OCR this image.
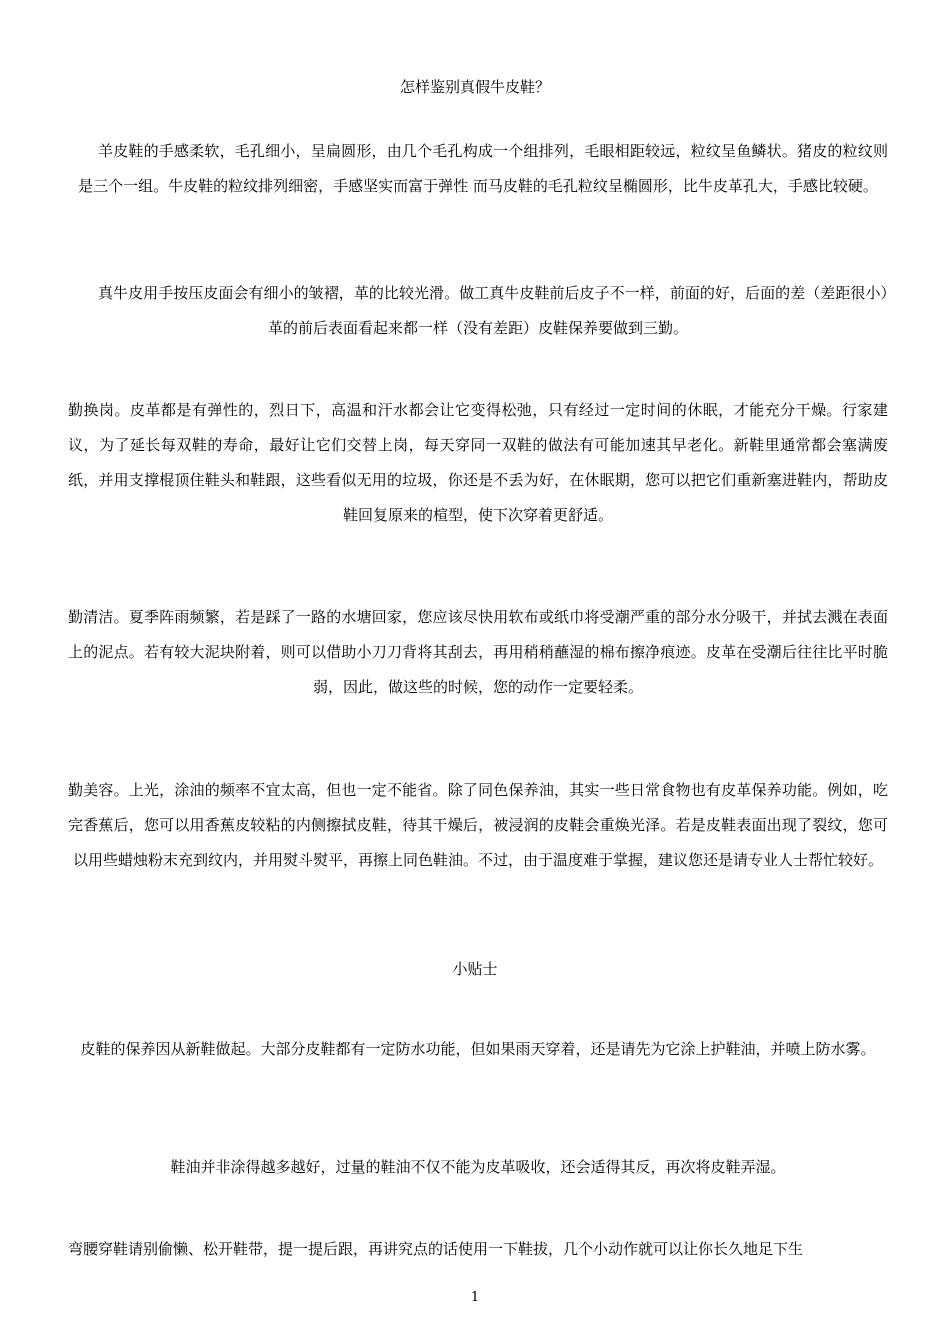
怎样鉴别真假牛皮鞋？

羊皮鞋的手感柔软，毛孔细小，呈扁圆形，由几个毛孔构成一个组排列，毛眼相距较远，粒纹呈鱼鳞状。猪皮的粒纹则是三个一组。牛皮鞋的粒纹排列细密，手感坚实而富于弹性 而马皮鞋的毛孔粒纹呈椭圆形，比牛皮革孔大，手感比较硬。

真牛皮用手按压皮面会有细小的皱褶，革的比较光滑。做工真牛皮鞋前后皮子不一样，前面的好，后面的差（差距很小）革的前后表面看起来都一样（没有差距）皮鞋保养要做到三勤。

勤换岗。皮革都是有弹性的，烈日下，高温和汗水都会让它变得松弛，只有经过一定时间的休眠，才能充分干燥。行家建议，为了延长每双鞋的寿命，最好让它们交替上岗，每天穿同一双鞋的做法有可能加速其早老化。新鞋里通常都会塞满废纸，并用支撑棍顶住鞋头和鞋跟，这些看似无用的垃圾，你还是不丢为好，在休眠期，您可以把它们重新塞进鞋内，帮助皮鞋回复原来的楦型，使下次穿着更舒适。

勤清洁。夏季阵雨频繁，若是踩了一路的水塘回家，您应该尽快用软布或纸巾将受潮严重的部分水分吸干，并拭去溅在表面上的泥点。若有较大泥块附着，则可以借助小刀刀背将其刮去，再用稍稍蘸湿的棉布擦净痕迹。皮革在受潮后往往比平时脆弱，因此，做这些的时候，您的动作一定要轻柔。

勤美容。上光，涂油的频率不宜太高，但也一定不能省。除了同色保养油，其实一些日常食物也有皮革保养功能。例如，吃完香蕉后，您可以用香蕉皮较粘的内侧擦拭皮鞋，待其干燥后，被浸润的皮鞋会重焕光泽。若是皮鞋表面出现了裂纹，您可以用些蜡烛粉末充到纹内，并用熨斗熨平，再擦上同色鞋油。不过，由于温度难于掌握，建议您还是请专业人士帮忙较好。

小贴士

皮鞋的保养因从新鞋做起。大部分皮鞋都有一定防水功能，但如果雨天穿着，还是请先为它涂上护鞋油，并喷上防水雾。

鞋油并非涂得越多越好，过量的鞋油不仅不能为皮革吸收，还会适得其反，再次将皮鞋弄湿。

弯腰穿鞋请别偷懒、松开鞋带，提一提后跟，再讲究点的话使用一下鞋拔，几个小动作就可以让你长久地足下生

1
